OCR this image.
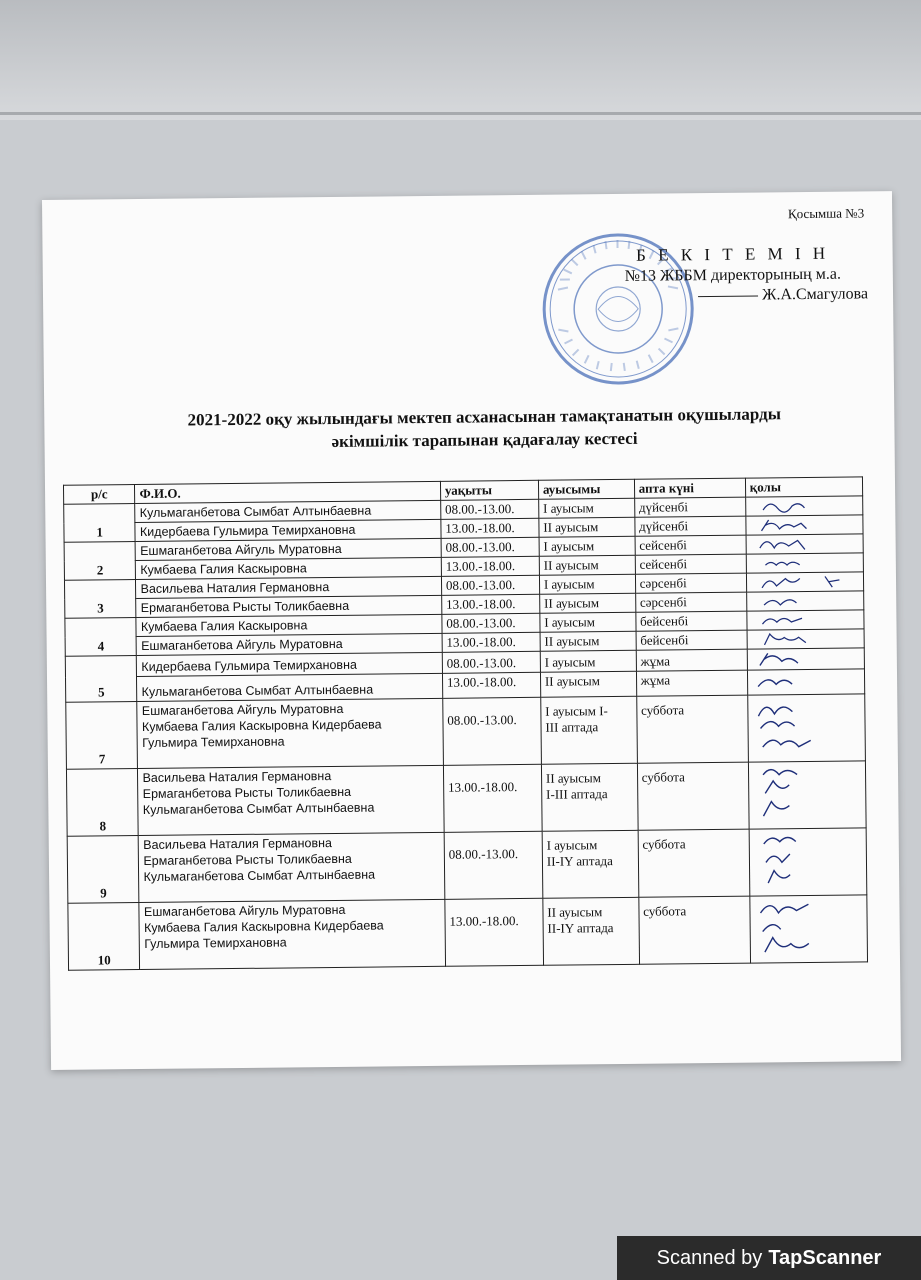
Қосымша №3
Б Е К І Т Е М І Н
№13 ЖББМ директорының м.а.
Ж.А.Смагулова
2021-2022 оқу жылындағы мектеп асханасынан тамақтанатын оқушыларды
әкімшілік тарапынан қадағалау кестесі
р/с	Ф.И.О.	уақыты	ауысымы	апта күні	қолы
1	Кульмаганбетова Сымбат Алтынбаевна	08.00.-13.00.	I ауысым	дүйсенбі	

	Кидербаева Гульмира Темирхановна	13.00.-18.00.	II ауысым	дүйсенбі	

2	Ешмаганбетова Айгуль Муратовна	08.00.-13.00.	I ауысым	сейсенбі	

	Кумбаева Галия Каскыровна	13.00.-18.00.	II ауысым	сейсенбі	

3	Васильева Наталия Германовна	08.00.-13.00.	I ауысым	сәрсенбі	

	Ермаганбетова Рысты Толикбаевна	13.00.-18.00.	II ауысым	сәрсенбі	

4	Кумбаева Галия Каскыровна	08.00.-13.00.	I ауысым	бейсенбі	

	Ешмаганбетова Айгуль Муратовна	13.00.-18.00.	II ауысым	бейсенбі	

5	Кидербаева Гульмира Темирхановна	08.00.-13.00.	I ауысым	жұма	

	Кульмаганбетова Сымбат Алтынбаевна	13.00.-18.00.	II ауысым	жұма	

7	Ешмаганбетова Айгуль Муратовна
Кумбаева Галия Каскыровна Кидербаева
Гульмира Темирхановна	08.00.-13.00.	I ауысым I-
III аптада	суббота	

8	Васильева Наталия Германовна
Ермаганбетова Рысты Толикбаевна
Кульмаганбетова Сымбат Алтынбаевна	13.00.-18.00.	II ауысым
I-III аптада	суббота	

9	Васильева Наталия Германовна
Ермаганбетова Рысты Толикбаевна
Кульмаганбетова Сымбат Алтынбаевна	08.00.-13.00.	I ауысым
II-IY аптада	суббота	

10	Ешмаганбетова Айгуль Муратовна
Кумбаева Галия Каскыровна Кидербаева
Гульмира Темирхановна	13.00.-18.00.	II ауысым
II-IY аптада	суббота	
Scanned by TapScanner
